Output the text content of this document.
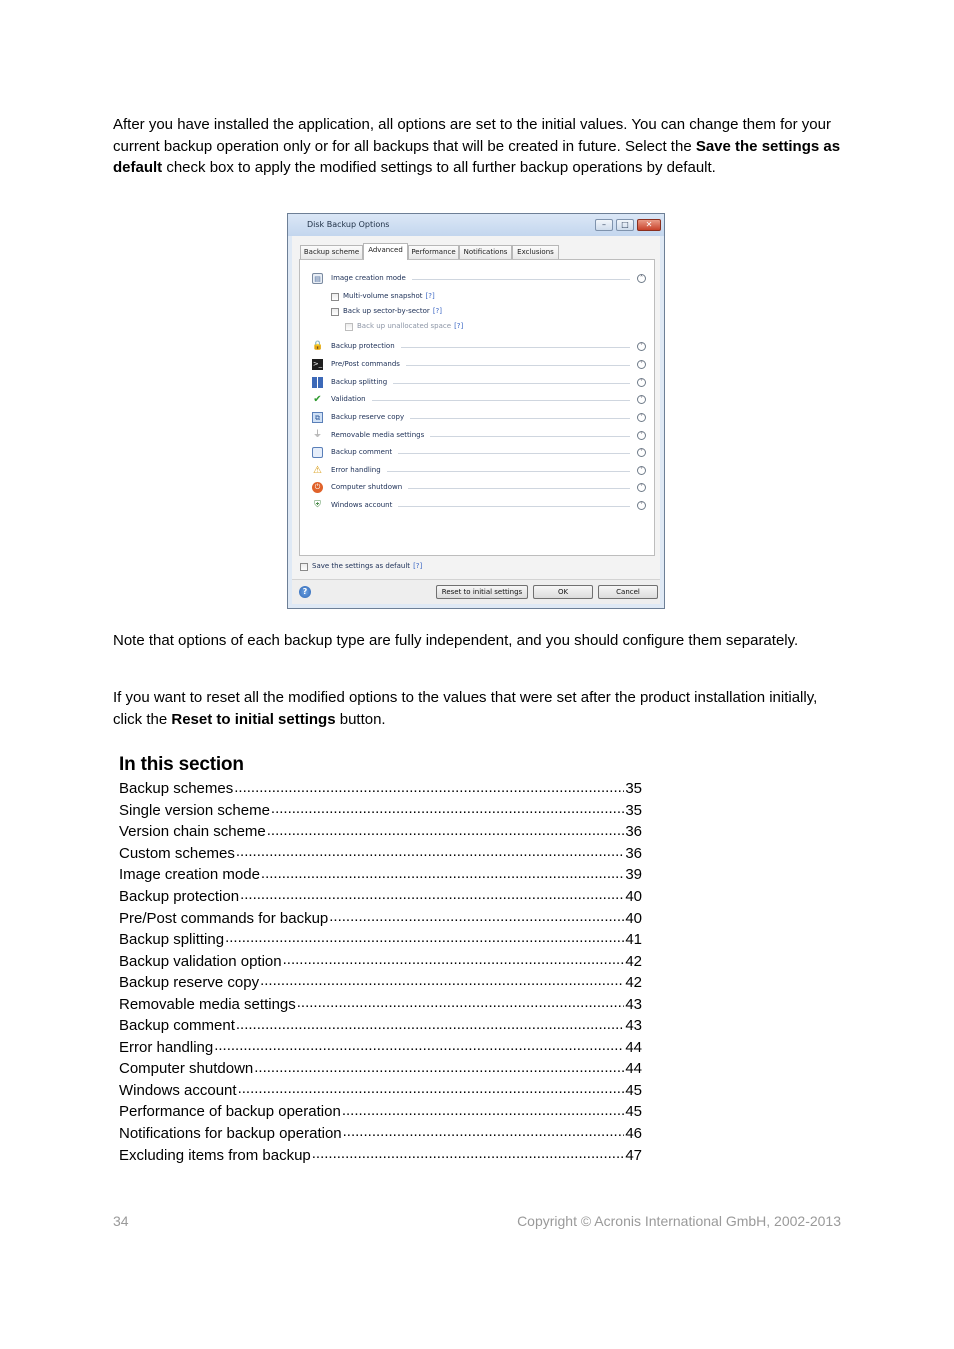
After you have installed the application, all options are set to the initial values. You can change them for your current backup operation only or for all backups that will be created in future. Select the Save the settings as default check box to apply the modified settings to all further backup operations by default.

Disk Backup Options	–	□	✕
Backup scheme	Advanced	Performance	Notifications	Exclusions
▤	Image creation mode	˄
Multi-volume snapshot [?]
Back up sector-by-sector [?]
Back up unallocated space [?]
🔒 Backup protection	˅
>_ Pre/Post commands	˅
Backup splitting	˅
✔ Validation	˅
⧉	Backup reserve copy	˅
⏚ Removable media settings	˅
Backup comment	˅
⚠ Error handling	˅
⏻	Computer shutdown	˅
⛨	Windows account	˅
Save the settings as default [?]
?	Reset to initial settings	OK	Cancel

Note that options of each backup type are fully independent, and you should configure them separately.

If you want to reset all the modified options to the values that were set after the product installation initially, click the Reset to initial settings button.

In this section
Backup schemes .....	35
Single version scheme .....	35
Version chain scheme .....	36
Custom schemes .....	36
Image creation mode .....	39
Backup protection .....	40
Pre/Post commands for backup .....	40
Backup splitting .....	41
Backup validation option .....	42
Backup reserve copy .....	42
Removable media settings .....	43
Backup comment .....	43
Error handling .....	44
Computer shutdown .....	44
Windows account .....	45
Performance of backup operation .....	45
Notifications for backup operation .....	46
Excluding items from backup .....	47
34	Copyright © Acronis International GmbH, 2002-2013
